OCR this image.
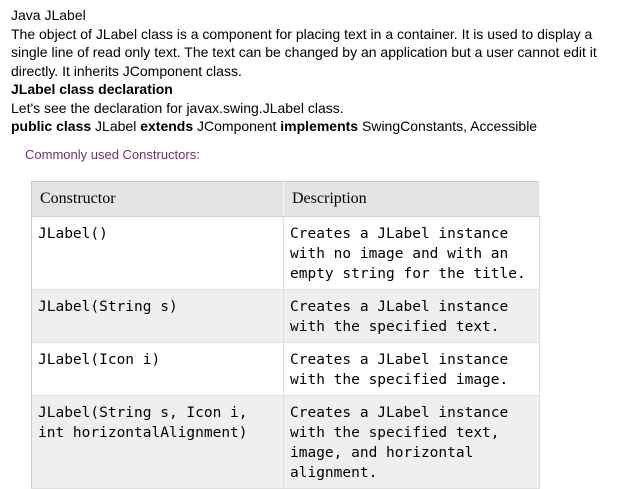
Java JLabel

The object of JLabel class is a component for placing text in a container. It is used to display a single line of read only text. The text can be changed by an application but a user cannot edit it directly. It inherits JComponent class.

JLabel class declaration

Let's see the declaration for javax.swing.JLabel class.

public class JLabel extends JComponent implements SwingConstants, Accessible

Commonly used Constructors:
Constructor	Description
JLabel()	Creates a JLabel instance with no image and with an empty string for the title.
JLabel(String s)	Creates a JLabel instance with the specified text.
JLabel(Icon i)	Creates a JLabel instance with the specified image.
JLabel(String s, Icon i, int horizontalAlignment)	Creates a JLabel instance with the specified text, image, and horizontal alignment.
